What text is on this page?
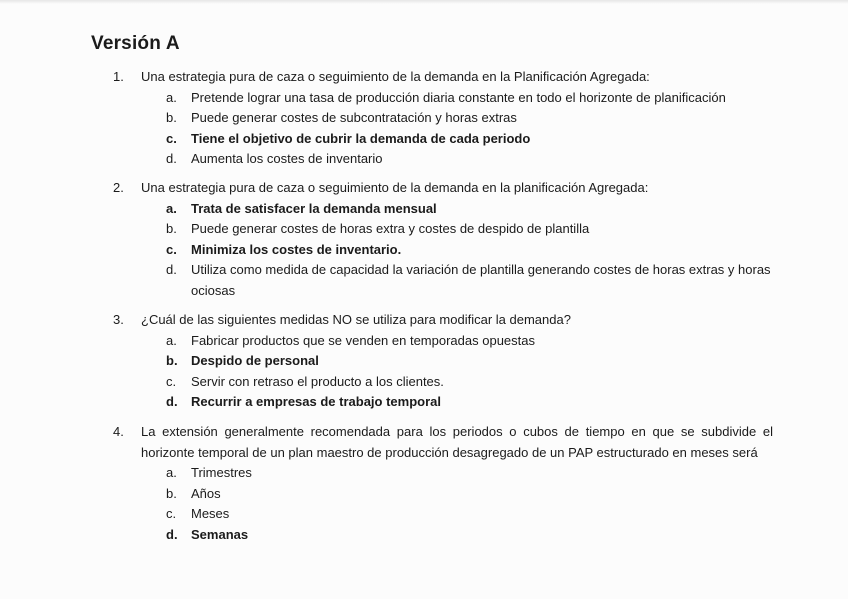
Versión A
1.	Una estrategia pura de caza o seguimiento de la demanda en la Planificación Agregada:
a.	Pretende lograr una tasa de producción diaria constante en todo el horizonte de planificación
b.	Puede generar costes de subcontratación y horas extras
c.	Tiene el objetivo de cubrir la demanda de cada periodo
d.	Aumenta los costes de inventario
2.	Una estrategia pura de caza o seguimiento de la demanda en la planificación Agregada:
a.	Trata de satisfacer la demanda mensual
b.	Puede generar costes de horas extra y costes de despido de plantilla
c.	Minimiza los costes de inventario.
d.	Utiliza como medida de capacidad la variación de plantilla generando costes de horas extras y horas ociosas
3.	¿Cuál de las siguientes medidas NO se utiliza para modificar la demanda?
a.	Fabricar productos que se venden en temporadas opuestas
b.	Despido de personal
c.	Servir con retraso el producto a los clientes.
d.	Recurrir a empresas de trabajo temporal
4.	La extensión generalmente recomendada para los periodos o cubos de tiempo en que se subdivide el horizonte temporal de un plan maestro de producción desagregado de un PAP estructurado en meses será
a.	Trimestres
b.	Años
c.	Meses
d.	Semanas
